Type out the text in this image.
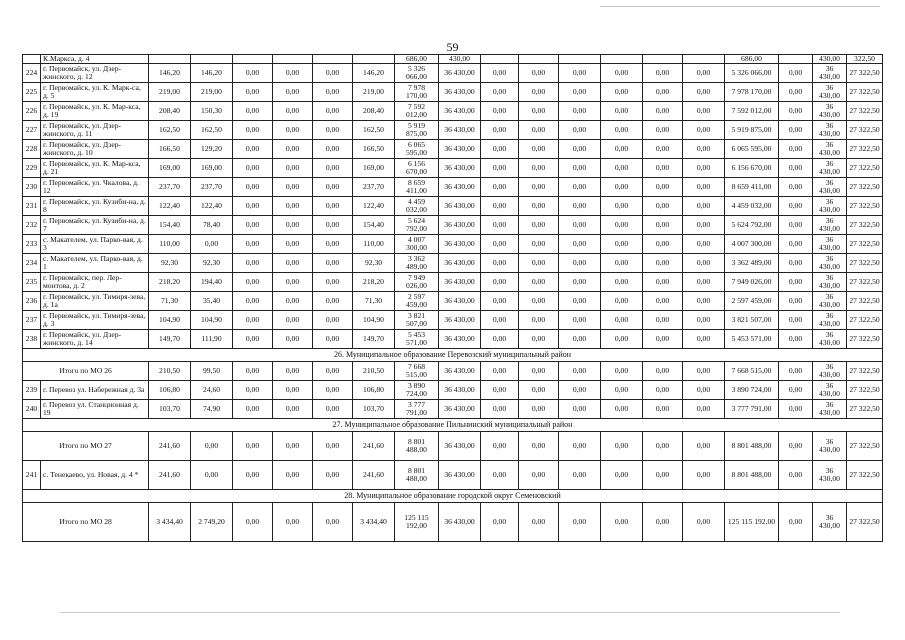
59
	К.Маркса, д. 4							686,00	430,00							686,00		430,00	322,50
224	г. Первомайск, ул. Дзер-жинского, д. 12	146,20	146,20	0,00	0,00	0,00	146,20	5 326 066,00	36 430,00	0,00	0,00	0,00	0,00	0,00	0,00	5 326 066,00	0,00	36 430,00	27 322,50
225	г. Первомайск, ул. К. Марк-са, д. 5	219,00	219,00	0,00	0,00	0,00	219,00	7 978 170,00	36 430,00	0,00	0,00	0,00	0,00	0,00	0,00	7 978 170,00	0,00	36 430,00	27 322,50
226	г. Первомайск, ул. К. Мар-кса, д. 19	208,40	150,30	0,00	0,00	0,00	208,40	7 592 012,00	36 430,00	0,00	0,00	0,00	0,00	0,00	0,00	7 592 012,00	0,00	36 430,00	27 322,50
227	г. Первомайск, ул. Дзер-жинского, д. 11	162,50	162,50	0,00	0,00	0,00	162,50	5 919 875,00	36 430,00	0,00	0,00	0,00	0,00	0,00	0,00	5 919 875,00	0,00	36 430,00	27 322,50
228	г. Первомайск, ул. Дзер-жинского, д. 10	166,50	129,20	0,00	0,00	0,00	166,50	6 065 595,00	36 430,00	0,00	0,00	0,00	0,00	0,00	0,00	6 065 595,00	0,00	36 430,00	27 322,50
229	г. Первомайск, ул. К. Мар-кса, д. 21	169,00	169,00	0,00	0,00	0,00	169,00	6 156 670,00	36 430,00	0,00	0,00	0,00	0,00	0,00	0,00	6 156 670,00	0,00	36 430,00	27 322,50
230	г. Первомайск, ул. Чкалова, д. 12	237,70	237,70	0,00	0,00	0,00	237,70	8 659 411,00	36 430,00	0,00	0,00	0,00	0,00	0,00	0,00	8 659 411,00	0,00	36 430,00	27 322,50
231	г. Первомайск, ул. Кузиби-на, д. 8	122,40	122,40	0,00	0,00	0,00	122,40	4 459 032,00	36 430,00	0,00	0,00	0,00	0,00	0,00	0,00	4 459 032,00	0,00	36 430,00	27 322,50
232	г. Первомайск, ул. Кузиби-на, д. 7	154,40	78,40	0,00	0,00	0,00	154,40	5 624 792,00	36 430,00	0,00	0,00	0,00	0,00	0,00	0,00	5 624 792,00	0,00	36 430,00	27 322,50
233	с. Макателем, ул. Парко-вая, д. 3	110,00	0,00	0,00	0,00	0,00	110,00	4 007 300,00	36 430,00	0,00	0,00	0,00	0,00	0,00	0,00	4 007 300,00	0,00	36 430,00	27 322,50
234	с. Макателем, ул. Парко-вая, д. 1	92,30	92,30	0,00	0,00	0,00	92,30	3 362 489,00	36 430,00	0,00	0,00	0,00	0,00	0,00	0,00	3 362 489,00	0,00	36 430,00	27 322,50
235	г. Первомайск, пер. Лер-монтова, д. 2	218,20	194,40	0,00	0,00	0,00	218,20	7 949 026,00	36 430,00	0,00	0,00	0,00	0,00	0,00	0,00	7 949 026,00	0,00	36 430,00	27 322,50
236	г. Первомайск, ул. Тимиря-зева, д. 1а	71,30	35,40	0,00	0,00	0,00	71,30	2 597 459,00	36 430,00	0,00	0,00	0,00	0,00	0,00	0,00	2 597 459,00	0,00	36 430,00	27 322,50
237	г. Первомайск, ул. Тимиря-зева, д. 3	104,90	104,90	0,00	0,00	0,00	104,90	3 821 507,00	36 430,00	0,00	0,00	0,00	0,00	0,00	0,00	3 821 507,00	0,00	36 430,00	27 322,50
238	г. Первомайск, ул. Дзер-жинского, д. 14	149,70	111,90	0,00	0,00	0,00	149,70	5 453 571,00	36 430,00	0,00	0,00	0,00	0,00	0,00	0,00	5 453 571,00	0,00	36 430,00	27 322,50
26. Муниципальное образование Перевозский муниципальный район																			
Итого по МО 26		210,50	99,50	0,00	0,00	0,00	210,50	7 668 515,00	36 430,00	0,00	0,00	0,00	0,00	0,00	0,00	7 668 515,00	0,00	36 430,00	27 322,50
239	г. Перевоз ул. Набережная д. 3а	106,80	24,60	0,00	0,00	0,00	106,80	3 890 724,00	36 430,00	0,00	0,00	0,00	0,00	0,00	0,00	3 890 724,00	0,00	36 430,00	27 322,50
240	г. Перевоз ул. Станционная д. 19	103,70	74,90	0,00	0,00	0,00	103,70	3 777 791,00	36 430,00	0,00	0,00	0,00	0,00	0,00	0,00	3 777 791,00	0,00	36 430,00	27 322,50
27. Муниципальное образование Пильнинский муниципальный район																			
Итого по МО 27		241,60	0,00	0,00	0,00	0,00	241,60	8 801 488,00	36 430,00	0,00	0,00	0,00	0,00	0,00	0,00	8 801 488,00	0,00	36 430,00	27 322,50
241	с. Тенекаево, ул. Новая, д. 4 *	241,60	0,00	0,00	0,00	0,00	241,60	8 801 488,00	36 430,00	0,00	0,00	0,00	0,00	0,00	0,00	8 801 488,00	0,00	36 430,00	27 322,50
28. Муниципальное образование городской округ Семеновский																			
Итого по МО 28		3 434,40	2 749,20	0,00	0,00	0,00	3 434,40	125 115 192,00	36 430,00	0,00	0,00	0,00	0,00	0,00	0,00	125 115 192,00	0,00	36 430,00	27 322,50
